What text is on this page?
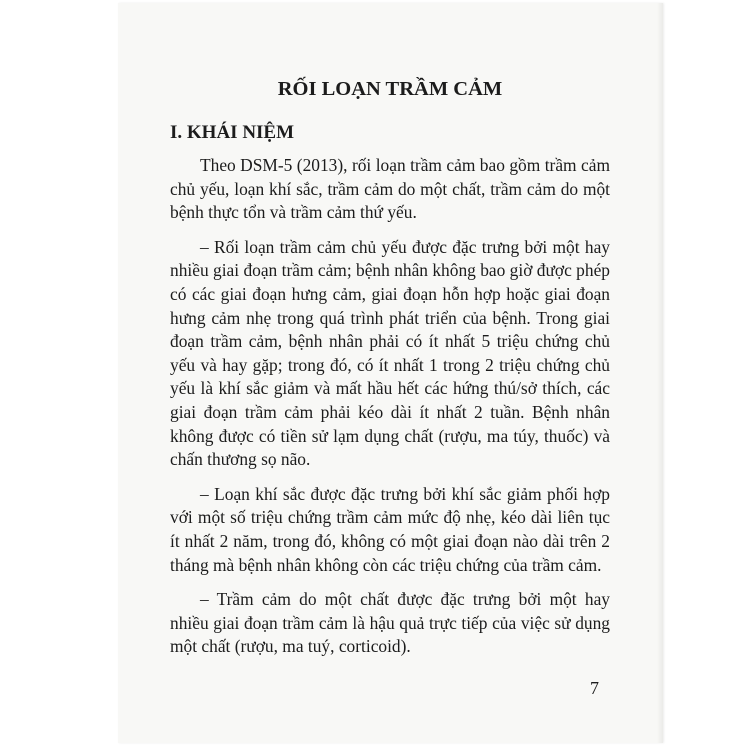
RỐI LOẠN TRẦM CẢM
I. KHÁI NIỆM

Theo DSM-5 (2013), rối loạn trầm cảm bao gồm trầm cảm chủ yếu, loạn khí sắc, trầm cảm do một chất, trầm cảm do một bệnh thực tổn và trầm cảm thứ yếu.

– Rối loạn trầm cảm chủ yếu được đặc trưng bởi một hay nhiều giai đoạn trầm cảm; bệnh nhân không bao giờ được phép có các giai đoạn hưng cảm, giai đoạn hỗn hợp hoặc giai đoạn hưng cảm nhẹ trong quá trình phát triển của bệnh. Trong giai đoạn trầm cảm, bệnh nhân phải có ít nhất 5 triệu chứng chủ yếu và hay gặp; trong đó, có ít nhất 1 trong 2 triệu chứng chủ yếu là khí sắc giảm và mất hầu hết các hứng thú/sở thích, các giai đoạn trầm cảm phải kéo dài ít nhất 2 tuần. Bệnh nhân không được có tiền sử lạm dụng chất (rượu, ma túy, thuốc) và chấn thương sọ não.

– Loạn khí sắc được đặc trưng bởi khí sắc giảm phối hợp với một số triệu chứng trầm cảm mức độ nhẹ, kéo dài liên tục ít nhất 2 năm, trong đó, không có một giai đoạn nào dài trên 2 tháng mà bệnh nhân không còn các triệu chứng của trầm cảm.

– Trầm cảm do một chất được đặc trưng bởi một hay nhiều giai đoạn trầm cảm là hậu quả trực tiếp của việc sử dụng một chất (rượu, ma tuý, corticoid).

7
